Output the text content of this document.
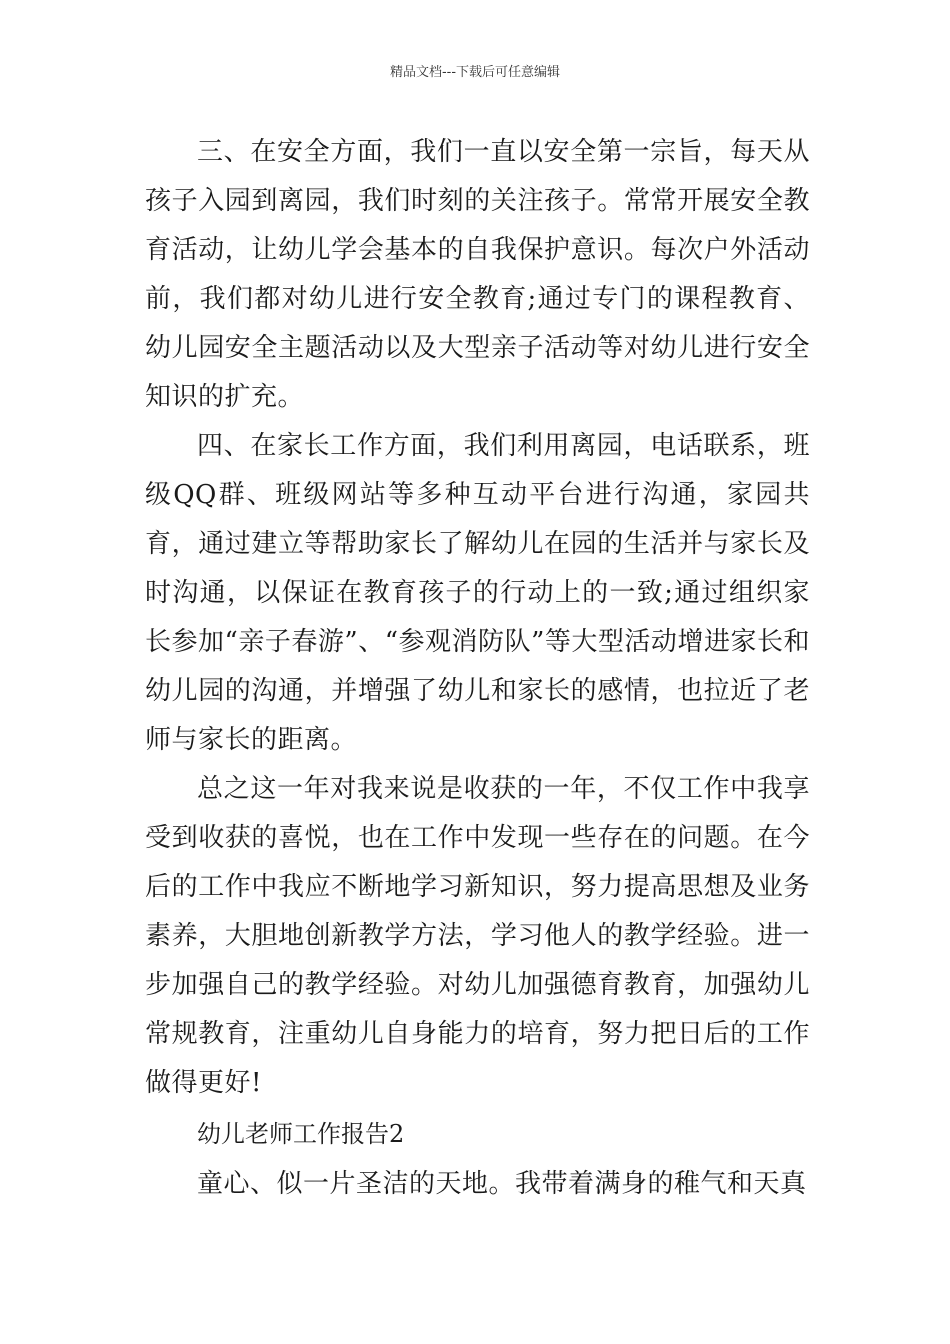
精品文档---下载后可任意编辑

三、在安全方面，我们一直以安全第一宗旨，每天从孩子入园到离园，我们时刻的关注孩子。常常开展安全教育活动，让幼儿学会基本的自我保护意识。每次户外活动前，我们都对幼儿进行安全教育;通过专门的课程教育、幼儿园安全主题活动以及大型亲子活动等对幼儿进行安全知识的扩充。

四、在家长工作方面，我们利用离园，电话联系，班级QQ群、班级网站等多种互动平台进行沟通，家园共育，通过建立等帮助家长了解幼儿在园的生活并与家长及时沟通，以保证在教育孩子的行动上的一致;通过组织家长参加“亲子春游”、“参观消防队”等大型活动增进家长和幼儿园的沟通，并增强了幼儿和家长的感情，也拉近了老师与家长的距离。

总之这一年对我来说是收获的一年，不仅工作中我享受到收获的喜悦，也在工作中发现一些存在的问题。在今后的工作中我应不断地学习新知识，努力提高思想及业务素养，大胆地创新教学方法，学习他人的教学经验。进一步加强自己的教学经验。对幼儿加强德育教育，加强幼儿常规教育，注重幼儿自身能力的培育，努力把日后的工作做得更好!

幼儿老师工作报告2

童心、似一片圣洁的天地。我带着满身的稚气和天真
